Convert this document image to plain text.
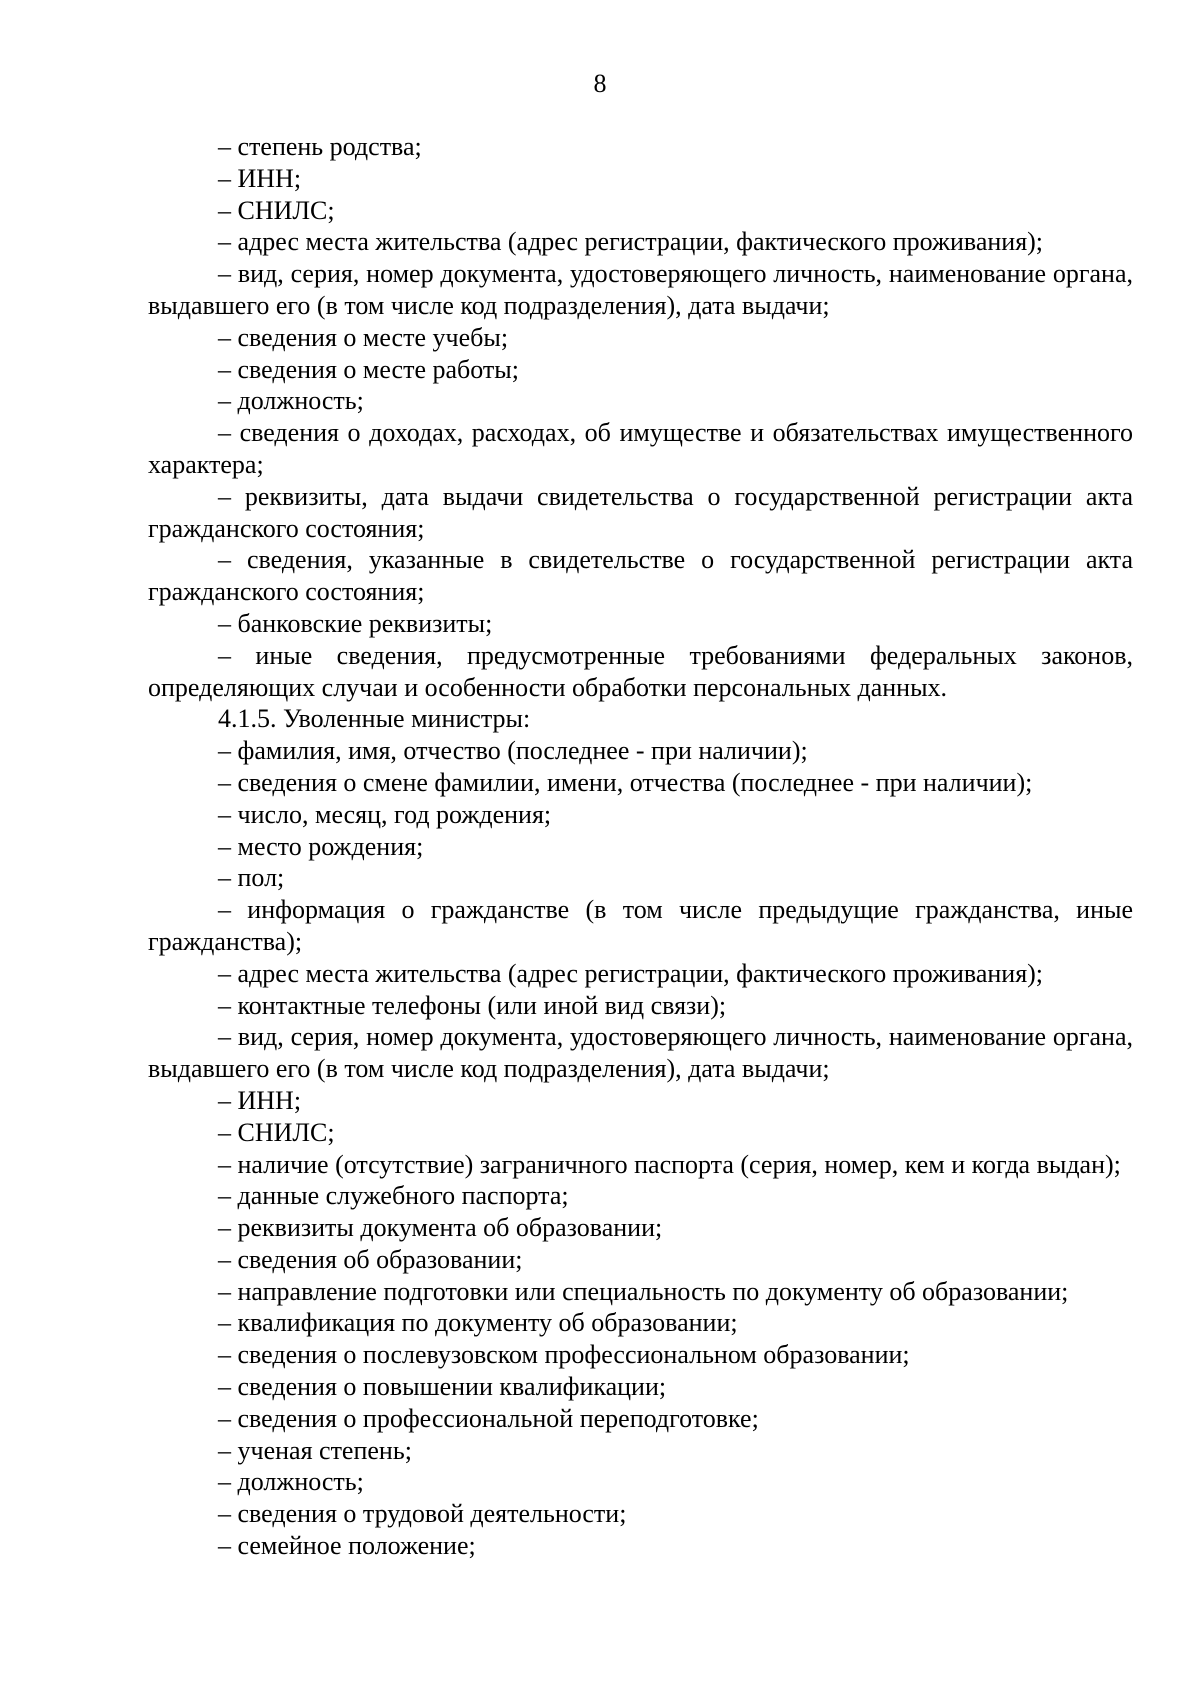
8

– степень родства;

– ИНН;

– СНИЛС;

– адрес места жительства (адрес регистрации, фактического проживания);

– вид, серия, номер документа, удостоверяющего личность, наименование органа, выдавшего его (в том числе код подразделения), дата выдачи;

– сведения о месте учебы;

– сведения о месте работы;

– должность;

– сведения о доходах, расходах, об имуществе и обязательствах имущественного характера;

– реквизиты, дата выдачи свидетельства о государственной регистрации акта гражданского состояния;

– сведения, указанные в свидетельстве о государственной регистрации акта гражданского состояния;

– банковские реквизиты;

– иные сведения, предусмотренные требованиями федеральных законов, определяющих случаи и особенности обработки персональных данных.

4.1.5. Уволенные министры:

– фамилия, имя, отчество (последнее - при наличии);

– сведения о смене фамилии, имени, отчества (последнее - при наличии);

– число, месяц, год рождения;

– место рождения;

– пол;

– информация о гражданстве (в том числе предыдущие гражданства, иные гражданства);

– адрес места жительства (адрес регистрации, фактического проживания);

– контактные телефоны (или иной вид связи);

– вид, серия, номер документа, удостоверяющего личность, наименование органа, выдавшего его (в том числе код подразделения), дата выдачи;

– ИНН;

– СНИЛС;

– наличие (отсутствие) заграничного паспорта (серия, номер, кем и когда выдан);

– данные служебного паспорта;

– реквизиты документа об образовании;

– сведения об образовании;

– направление подготовки или специальность по документу об образовании;

– квалификация по документу об образовании;

– сведения о послевузовском профессиональном образовании;

– сведения о повышении квалификации;

– сведения о профессиональной переподготовке;

– ученая степень;

– должность;

– сведения о трудовой деятельности;

– семейное положение;
